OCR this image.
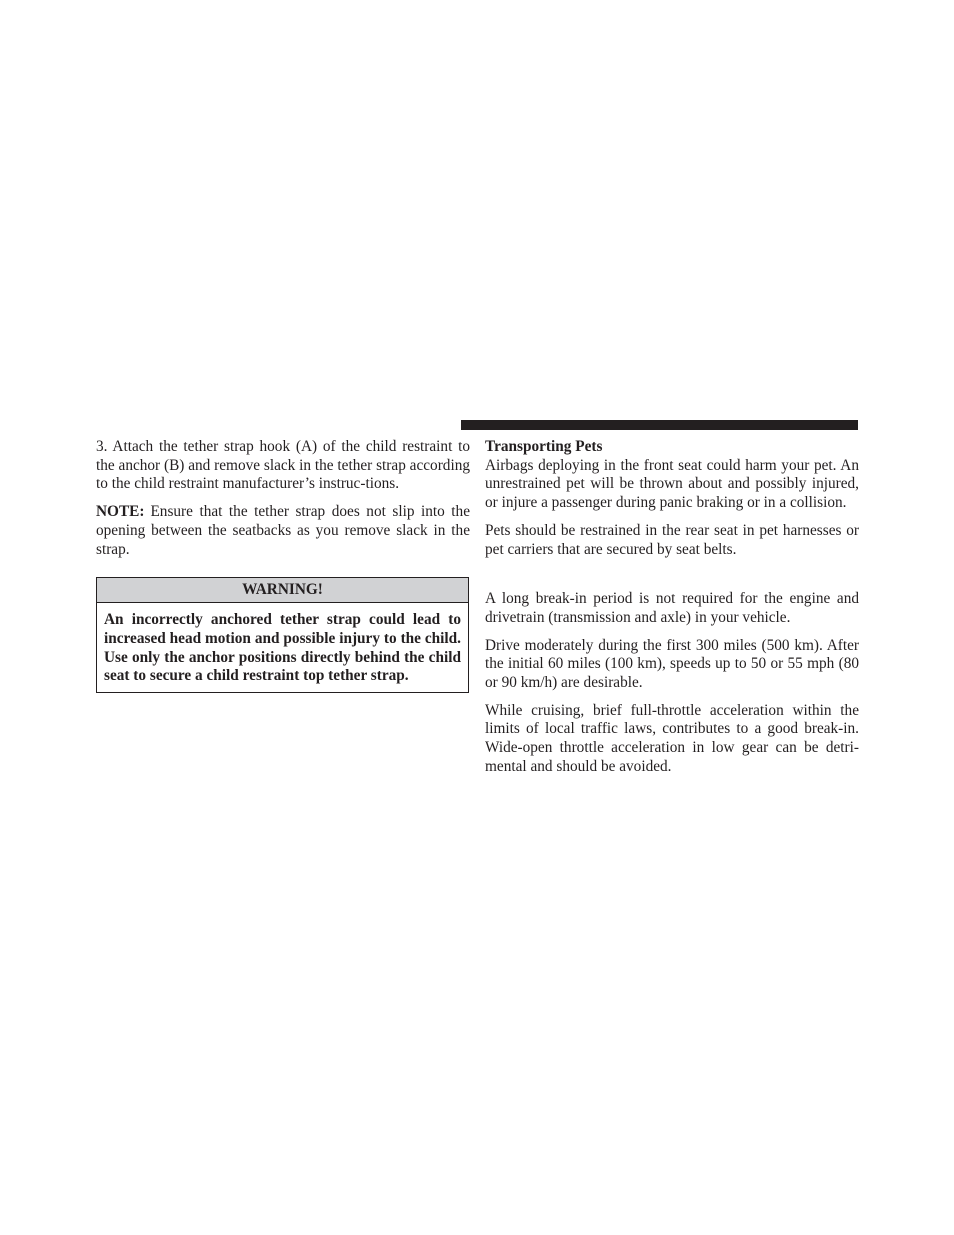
3. Attach the tether strap hook (A) of the child restraint to the anchor (B) and remove slack in the tether strap according to the child restraint manufacturer’s instruc-tions.

NOTE: Ensure that the tether strap does not slip into the opening between the seatbacks as you remove slack in the strap.

WARNING!
An incorrectly anchored tether strap could lead to increased head motion and possible injury to the child. Use only the anchor positions directly behind the child seat to secure a child restraint top tether strap.

Transporting Pets

Airbags deploying in the front seat could harm your pet. An unrestrained pet will be thrown about and possibly injured, or injure a passenger during panic braking or in a collision.

Pets should be restrained in the rear seat in pet harnesses or pet carriers that are secured by seat belts.

A long break-in period is not required for the engine and drivetrain (transmission and axle) in your vehicle.

Drive moderately during the first 300 miles (500 km). After the initial 60 miles (100 km), speeds up to 50 or 55 mph (80 or 90 km/h) are desirable.

While cruising, brief full-throttle acceleration within the limits of local traffic laws, contributes to a good break-in. Wide-open throttle acceleration in low gear can be detri-mental and should be avoided.
